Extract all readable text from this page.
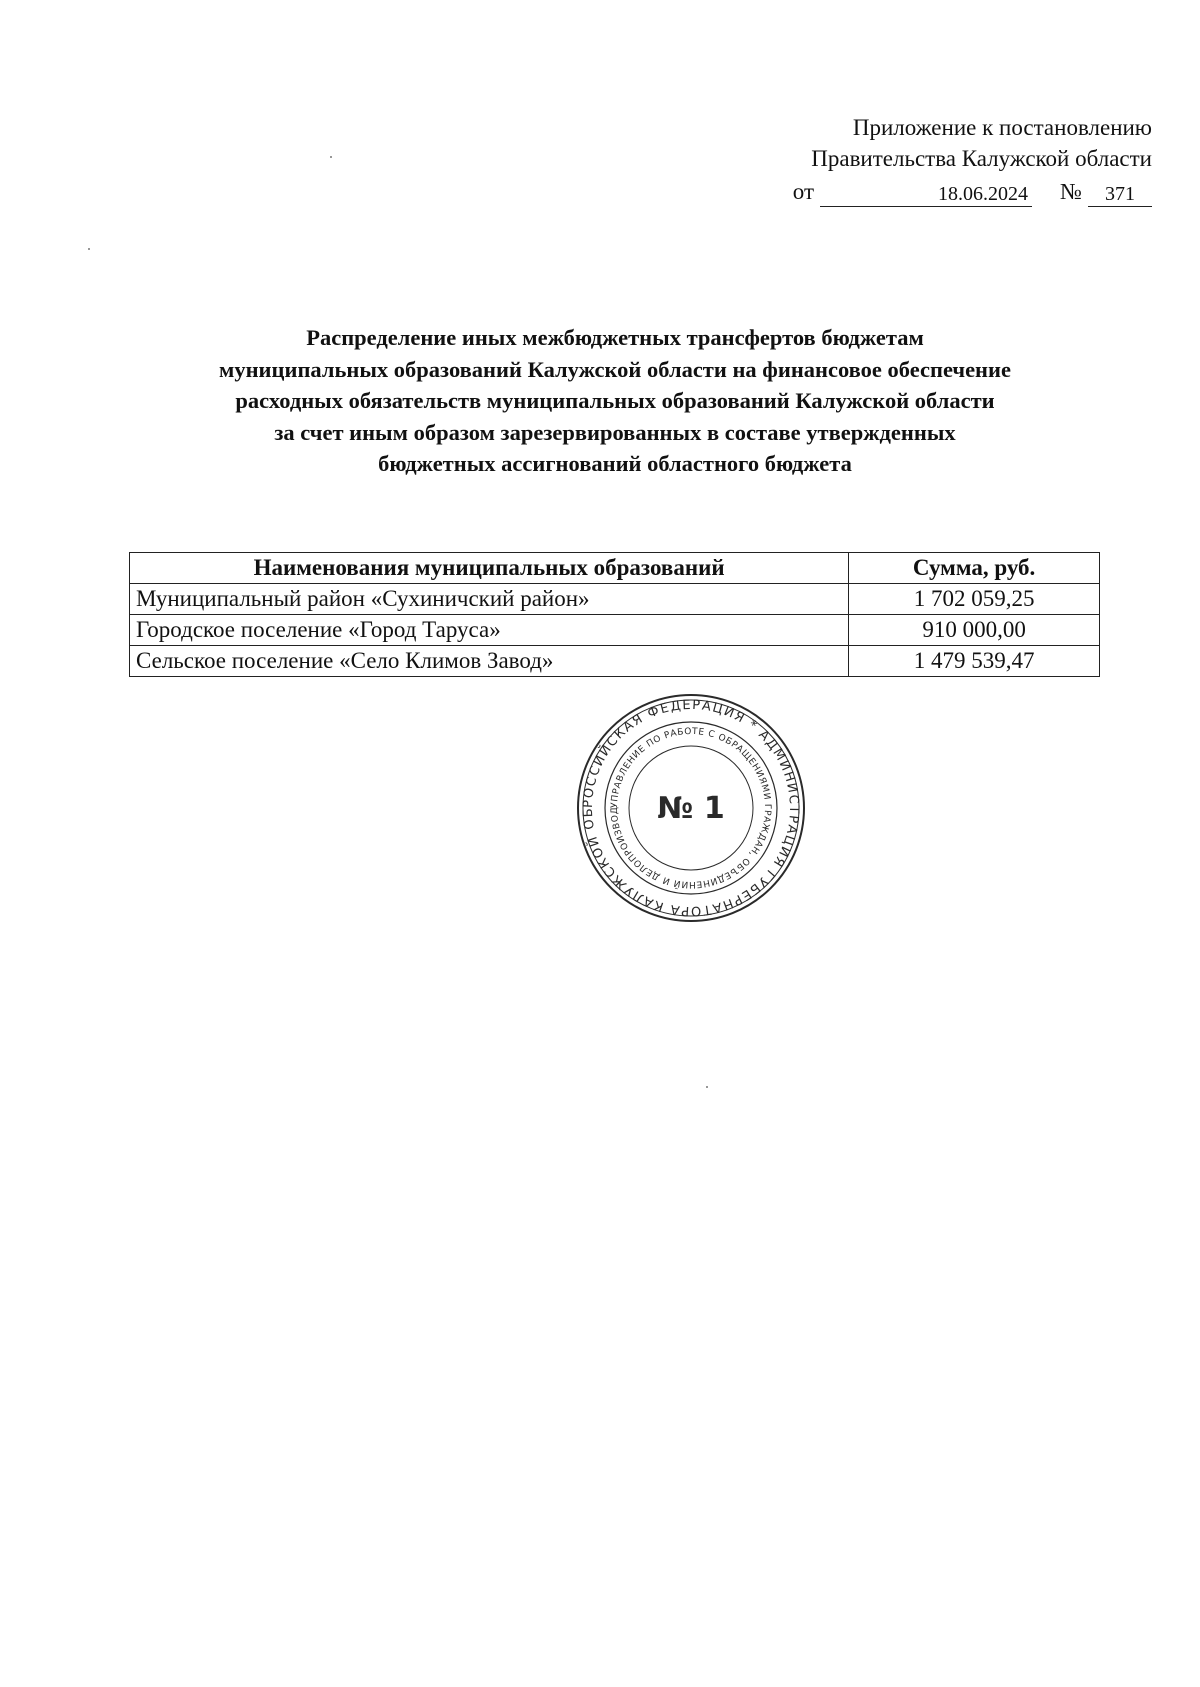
Приложение к постановлению
Правительства Калужской области
от	18.06.2024 №	371
Распределение иных межбюджетных трансфертов бюджетам
муниципальных образований Калужской области на финансовое обеспечение
расходных обязательств муниципальных образований Калужской области
за счет иным образом зарезервированных в составе утвержденных
бюджетных ассигнований областного бюджета
Наименования муниципальных образований	Сумма, руб.
Муниципальный район «Сухиничский район»	1 702 059,25
Городское поселение «Город Таруса»	910 000,00
Сельское поселение «Село Климов Завод»	1 479 539,47
РОССИЙСКАЯ ФЕДЕРАЦИЯ * АДМИНИСТРАЦИЯ ГУБЕРНАТОРА КАЛУЖСКОЙ ОБ
УПРАВЛЕНИЕ ПО РАБОТЕ С ОБРАЩЕНИЯМИ ГРАЖДАН, ОБЪЕДИНЕНИЙ И ДЕЛОПРОИЗВОД	№ 1
